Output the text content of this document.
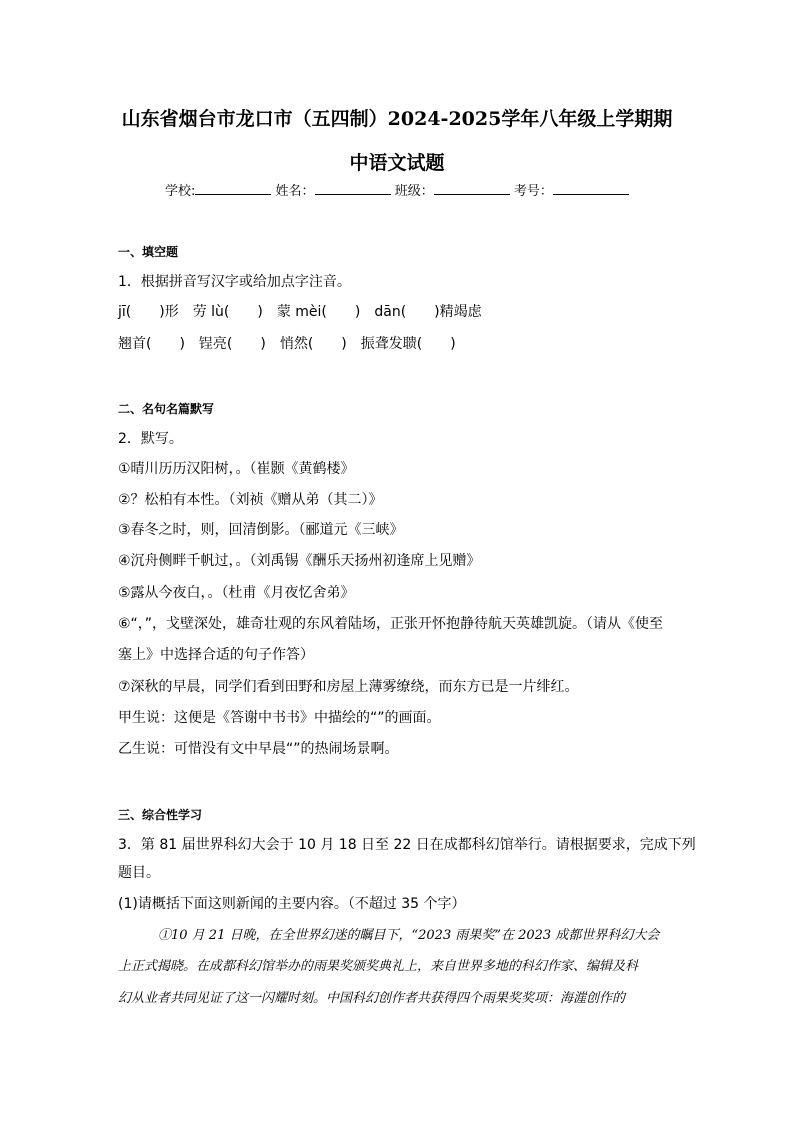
山东省烟台市龙口市（五四制）2024-2025学年八年级上学期期
中语文试题
学校:	姓名：	班级：	考号：
一、填空题
1．根据拼音写汉字或给加点字注音。
jī(　　)形　劳 lù(　　)　蒙 mèi(　　)　dān(　　)精竭虑
翘首(　　)　锃亮(　　)　悄然(　　)　振聋发聩(　　)
二、名句名篇默写
2．默写。
①晴川历历汉阳树，。（崔颢《黄鹤楼》
②？松柏有本性。（刘祯《赠从弟（其二）》
③春冬之时，则，回清倒影。（郦道元《三峡》
④沉舟侧畔千帆过，。（刘禹锡《酬乐天扬州初逢席上见赠》
⑤露从今夜白，。（杜甫《月夜忆舍弟》
⑥“，”，戈壁深处，雄奇壮观的东风着陆场，正张开怀抱静待航天英雄凯旋。（请从《使至
塞上》中选择合适的句子作答）
⑦深秋的早晨，同学们看到田野和房屋上薄雾缭绕，而东方已是一片绯红。
甲生说：这便是《答谢中书书》中描绘的“”的画面。
乙生说：可惜没有文中早晨“”的热闹场景啊。
三、综合性学习
3．第 81 届世界科幻大会于 10 月 18 日至 22 日在成都科幻馆举行。请根据要求，完成下列
题目。
(1)请概括下面这则新闻的主要内容。（不超过 35 个字）
①10 月 21 日晚，在全世界幻迷的瞩目下，“2023 雨果奖”在 2023 成都世界科幻大会
上正式揭晓。在成都科幻馆举办的雨果奖颁奖典礼上，来自世界多地的科幻作家、编辑及科
幻从业者共同见证了这一闪耀时刻。中国科幻创作者共获得四个雨果奖奖项：海漄创作的
